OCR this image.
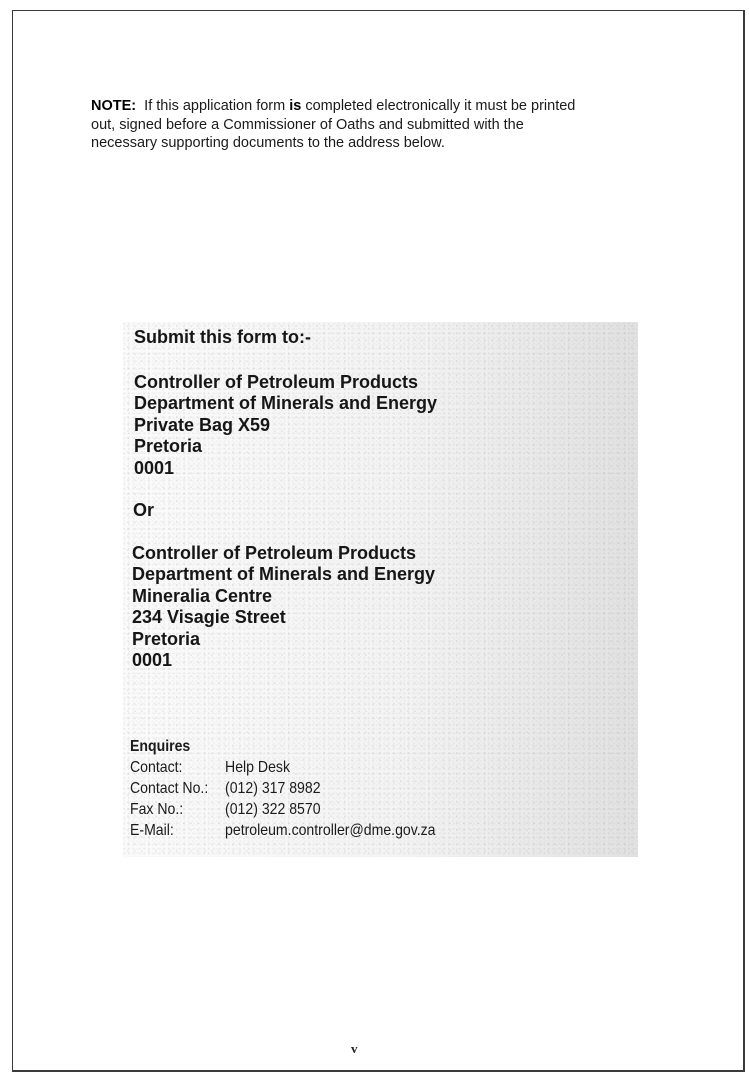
NOTE: If this application form is completed electronically it must be printed
out, signed before a Commissioner of Oaths and submitted with the
necessary supporting documents to the address below.
Submit this form to:-
Controller of Petroleum Products
Department of Minerals and Energy
Private Bag X59
Pretoria
0001
Or
Controller of Petroleum Products
Department of Minerals and Energy
Mineralia Centre
234 Visagie Street
Pretoria
0001
Enquires
Contact:	Help Desk
Contact No.:	(012) 317 8982
Fax No.:	(012) 322 8570
E-Mail:	petroleum.controller@dme.gov.za
v
